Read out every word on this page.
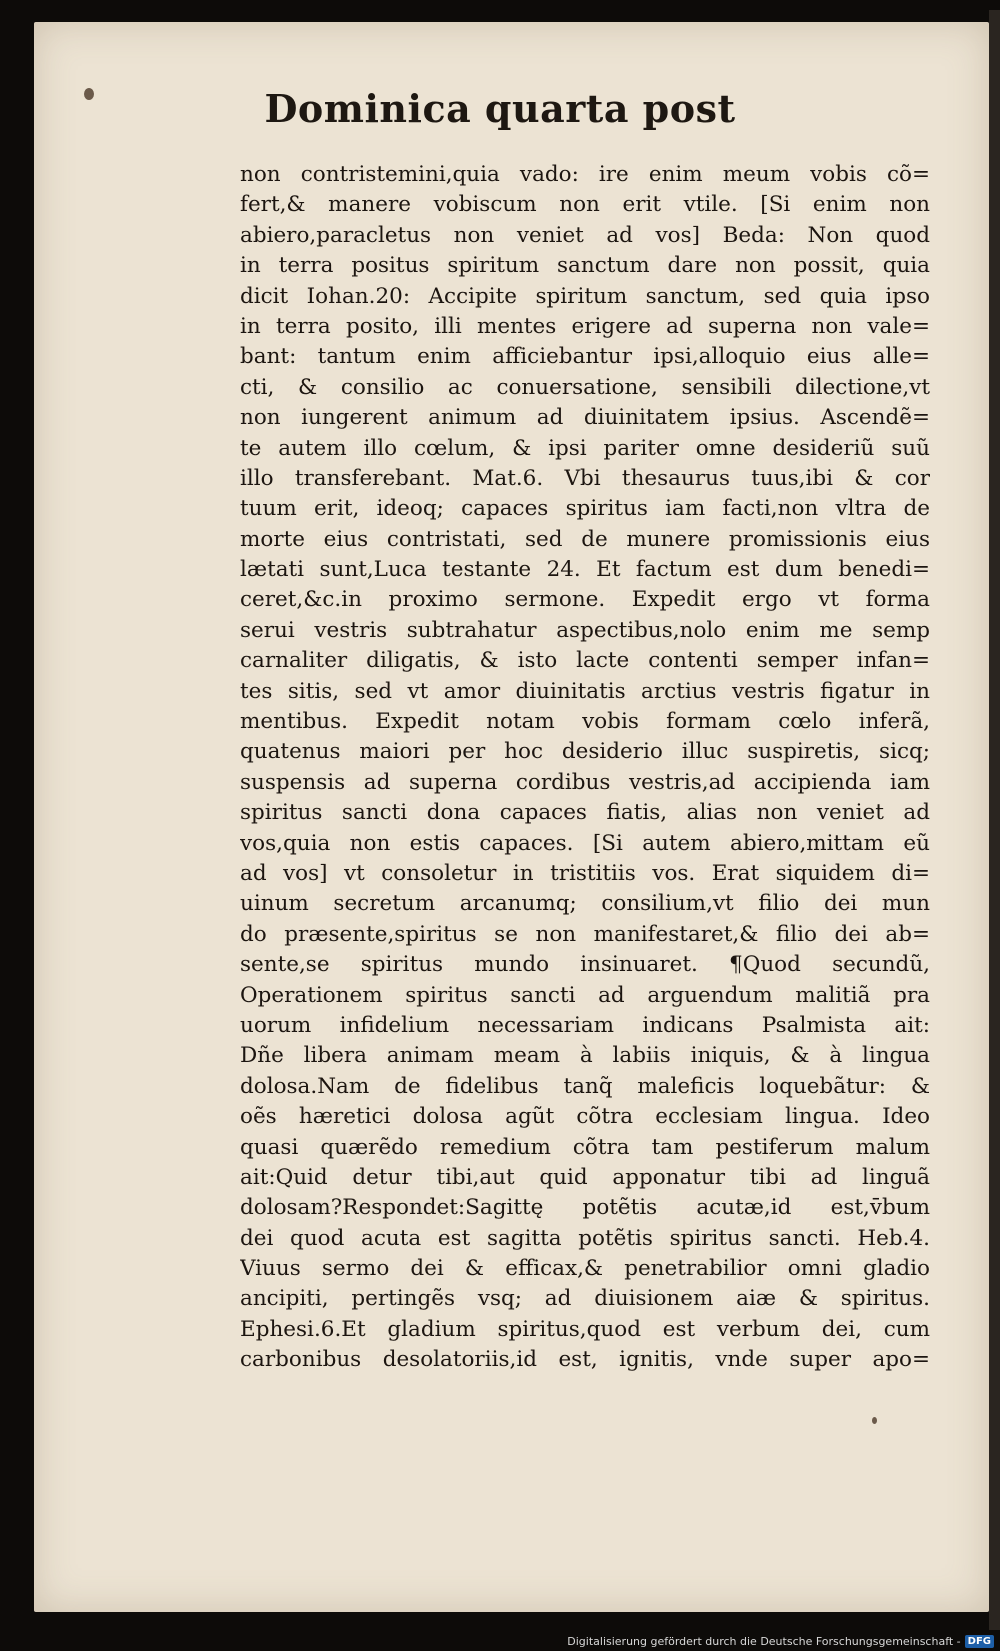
Dominica quarta post
non contristemini,quia vado: ire enim meum vobis cõ=
fert,& manere vobiscum non erit vtile. [Si enim non
abiero,paracletus non veniet ad vos] Beda: Non quod
in terra positus spiritum sanctum dare non possit, quia
dicit Iohan.20: Accipite spiritum sanctum, sed quia ipso
in terra posito, illi mentes erigere ad superna non vale=
bant: tantum enim afficiebantur ipsi,alloquio eius alle=
cti, & consilio ac conuersatione, sensibili dilectione,vt
non iungerent animum ad diuinitatem ipsius. Ascendẽ=
te autem illo cœlum, & ipsi pariter omne desideriũ suũ
illo transferebant. Mat.6. Vbi thesaurus tuus,ibi & cor
tuum erit, ideoq; capaces spiritus iam facti,non vltra de
morte eius contristati, sed de munere promissionis eius
lætati sunt,Luca testante 24. Et factum est dum benedi=
ceret,&c.in proximo sermone. Expedit ergo vt forma
serui vestris subtrahatur aspectibus,nolo enim me semp
carnaliter diligatis, & isto lacte contenti semper infan=
tes sitis, sed vt amor diuinitatis arctius vestris figatur in
mentibus. Expedit notam vobis formam cœlo inferã,
quatenus maiori per hoc desiderio illuc suspiretis, sicq;
suspensis ad superna cordibus vestris,ad accipienda iam
spiritus sancti dona capaces fiatis, alias non veniet ad
vos,quia non estis capaces. [Si autem abiero,mittam eũ
ad vos] vt consoletur in tristitiis vos. Erat siquidem di=
uinum secretum arcanumq; consilium,vt filio dei mun
do præsente,spiritus se non manifestaret,& filio dei ab=
sente,se spiritus mundo insinuaret. ¶Quod secundũ,
Operationem spiritus sancti ad arguendum malitiã pra
uorum infidelium necessariam indicans Psalmista ait:
Dñe libera animam meam à labiis iniquis, & à lingua
dolosa.Nam de fidelibus tanq̃ maleficis loquebãtur: &
oẽs hæretici dolosa agũt cõtra ecclesiam lingua. Ideo
quasi quærẽdo remedium cõtra tam pestiferum malum
ait:Quid detur tibi,aut quid apponatur tibi ad linguã
dolosam?Respondet:Sagittę potẽtis acutæ,id est,v̄bum
dei quod acuta est sagitta potẽtis spiritus sancti. Heb.4.
Viuus sermo dei & efficax,& penetrabilior omni gladio
ancipiti, pertingẽs vsq; ad diuisionem aiæ & spiritus.
Ephesi.6.Et gladium spiritus,quod est verbum dei, cum
carbonibus desolatoriis,id est, ignitis, vnde super apo=
Digitalisierung gefördert durch die Deutsche Forschungsgemeinschaft - DFG
